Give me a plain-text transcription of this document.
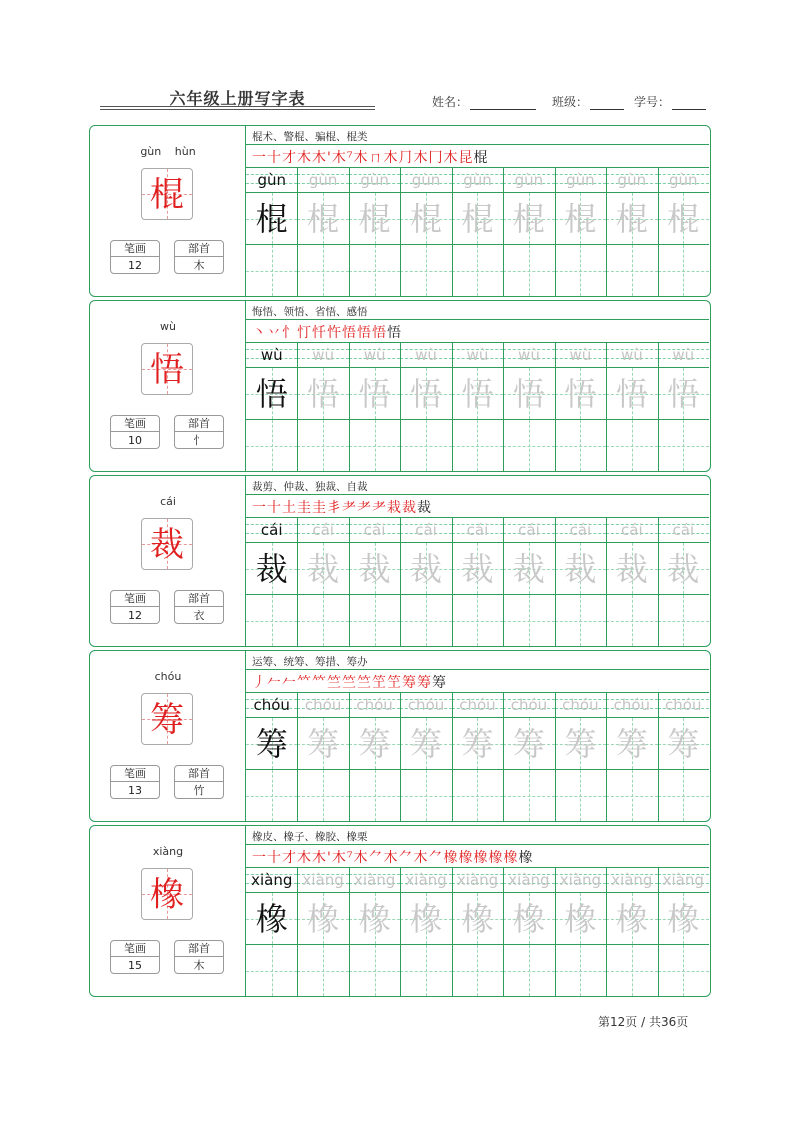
六年级上册写字表	姓名：	班级：	学号：
gùn hùn
棍
笔画
12
部首
木
棍术、警棍、骗棍、棍类
一十才木木'木⁷木ㄇ木⺆木冂木昆棍
gùn
棍
gùn
棍
gùn
棍
gùn
棍
gùn
棍
gùn
棍
gùn
棍
gùn
棍
gùn
棍
wù
悟
笔画
10
部首
忄
悔悟、领悟、省悟、感悟
丶丷忄忊忏忤悟悟悟悟
wù
悟
wù
悟
wù
悟
wù
悟
wù
悟
wù
悟
wù
悟
wù
悟
wù
悟
cái
裁
笔画
12
部首
衣
裁剪、仲裁、独裁、自裁
一十土圭圭丯耂耂耂栽裁裁
cái
裁
cái
裁
cái
裁
cái
裁
cái
裁
cái
裁
cái
裁
cái
裁
cái
裁
chóu
筹
笔画
13
部首
竹
运筹、统筹、筹措、筹办
丿𠂉𠂉𥫗𥫗竺竺竺笁笁筹筹筹
chóu
筹
chóu
筹
chóu
筹
chóu
筹
chóu
筹
chóu
筹
chóu
筹
chóu
筹
chóu
筹
xiàng
橡
笔画
15
部首
木
橡皮、橡子、橡胶、橡栗
一十才木木'木⁷木⺈木⺈木⺈橡橡橡橡橡橡
xiàng
橡
xiàng
橡
xiàng
橡
xiàng
橡
xiàng
橡
xiàng
橡
xiàng
橡
xiàng
橡
xiàng
橡
第12页 / 共36页
